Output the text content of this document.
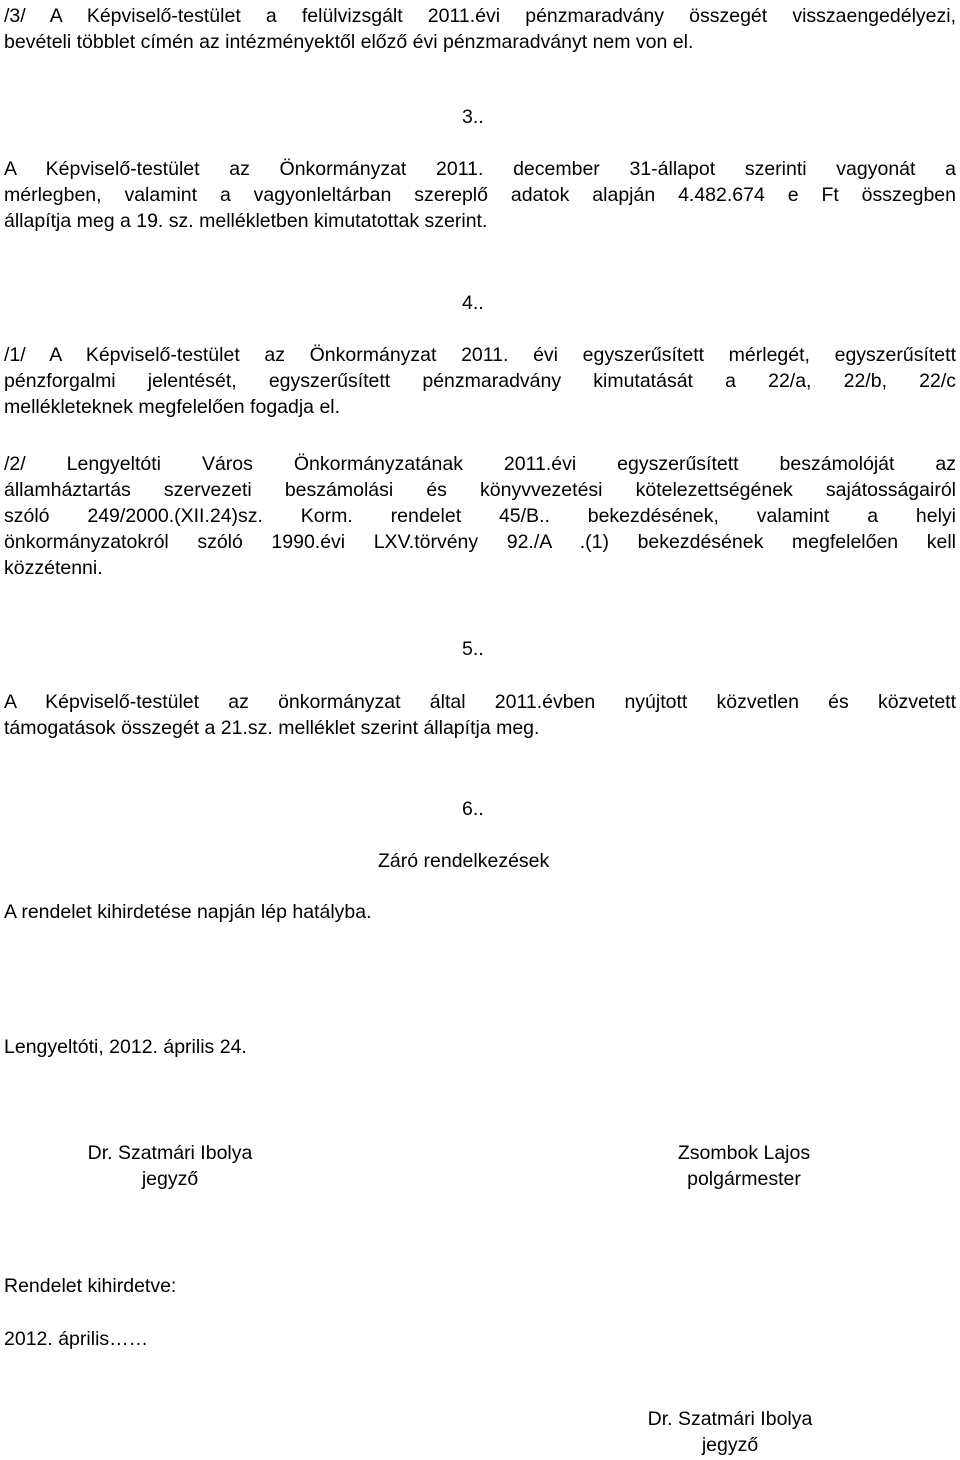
/3/ A Képviselő-testület a felülvizsgált 2011.évi pénzmaradvány összegét visszaengedélyezi,
bevételi többlet címén az intézményektől előző évi pénzmaradványt nem von el.
3..
A Képviselő-testület az Önkormányzat 2011. december 31-állapot szerinti vagyonát a
mérlegben, valamint a vagyonleltárban szereplő adatok alapján 4.482.674 e Ft összegben
állapítja meg a 19. sz. mellékletben kimutatottak szerint.
4..
/1/ A Képviselő-testület az Önkormányzat 2011. évi egyszerűsített mérlegét, egyszerűsített
pénzforgalmi jelentését, egyszerűsített pénzmaradvány kimutatását a 22/a, 22/b, 22/c
mellékleteknek megfelelően fogadja el.
/2/ Lengyeltóti Város Önkormányzatának 2011.évi egyszerűsített beszámolóját az
államháztartás szervezeti beszámolási és könyvvezetési kötelezettségének sajátosságairól
szóló 249/2000.(XII.24)sz. Korm. rendelet 45/B.. bekezdésének, valamint a helyi
önkormányzatokról szóló 1990.évi LXV.törvény 92./A .(1) bekezdésének megfelelően kell
közzétenni.
5..
A Képviselő-testület az önkormányzat által 2011.évben nyújtott közvetlen és közvetett
támogatások összegét a 21.sz. melléklet szerint állapítja meg.
6..
Záró rendelkezések
A rendelet kihirdetése napján lép hatályba.
Lengyeltóti, 2012. április 24.
Dr. Szatmári Ibolya
jegyző
Zsombok Lajos
polgármester
Rendelet kihirdetve:
2012. április……
Dr. Szatmári Ibolya
jegyző
